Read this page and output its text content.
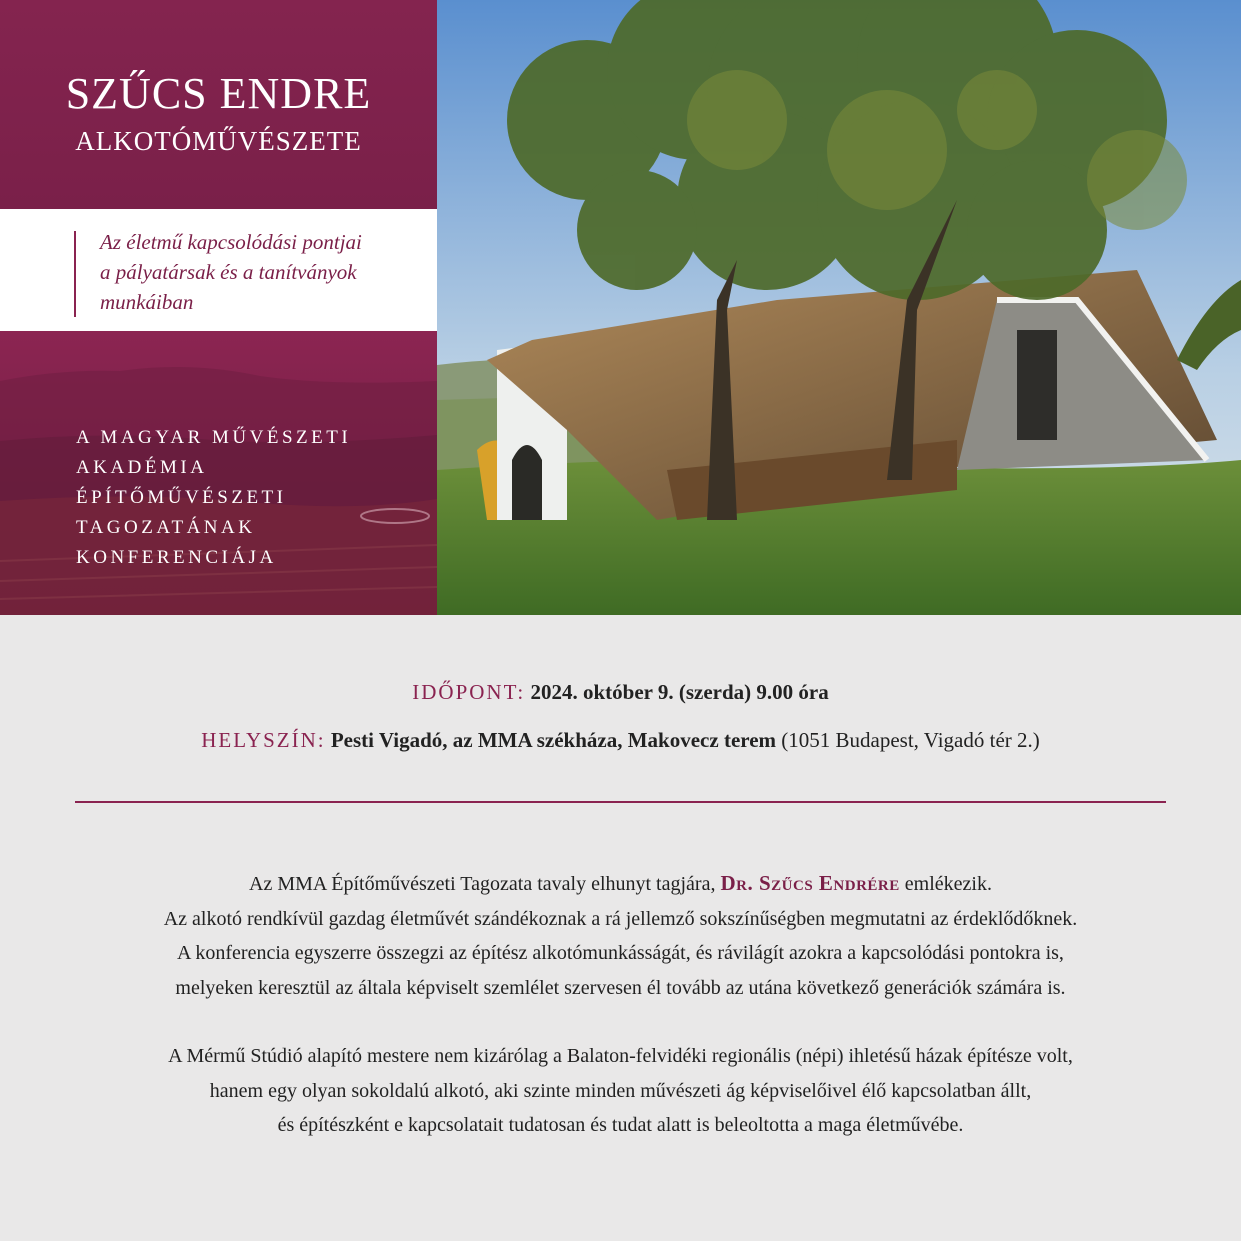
SZŰCS ENDRE
ALKOTÓMŰVÉSZETE
Az életmű kapcsolódási pontjai
a pályatársak és a tanítványok
munkáiban
A MAGYAR MŰVÉSZETI
AKADÉMIA
ÉPÍTŐMŰVÉSZETI
TAGOZATÁNAK
KONFERENCIÁJA
IDŐPONT: 2024. október 9. (szerda) 9.00 óra
HELYSZÍN: Pesti Vigadó, az MMA székháza, Makovecz terem (1051 Budapest, Vigadó tér 2.)

Az MMA Építőművészeti Tagozata tavaly elhunyt tagjára, Dr. Szűcs Endrére emlékezik.

Az alkotó rendkívül gazdag életművét szándékoznak a rá jellemző sokszínűségben megmutatni az érdeklődőknek.

A konferencia egyszerre összegzi az építész alkotómunkásságát, és rávilágít azokra a kapcsolódási pontokra is,

melyeken keresztül az általa képviselt szemlélet szervesen él tovább az utána következő generációk számára is.

A Mérmű Stúdió alapító mestere nem kizárólag a Balaton-felvidéki regionális (népi) ihletésű házak építésze volt,

hanem egy olyan sokoldalú alkotó, aki szinte minden művészeti ág képviselőivel élő kapcsolatban állt,

és építészként e kapcsolatait tudatosan és tudat alatt is beleoltotta a maga életművébe.
